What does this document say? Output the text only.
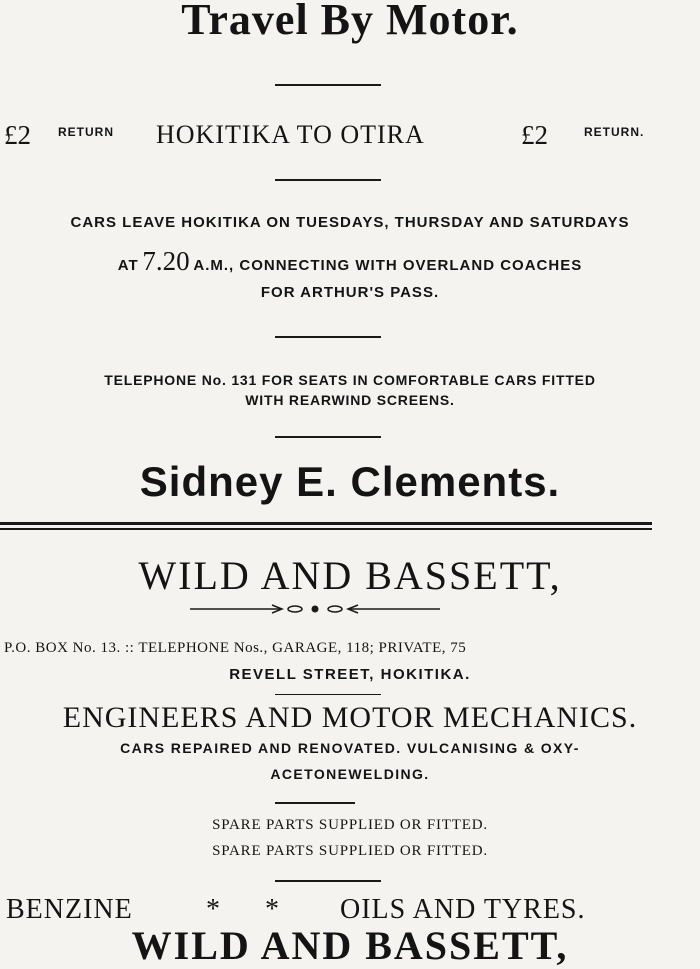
Travel By Motor.
£2 RETURN HOKITIKA TO OTIRA	£2	RETURN.
CARS LEAVE HOKITIKA ON TUESDAYS, THURSDAY AND SATURDAYS
AT 7.20 A.M., CONNECTING WITH OVERLAND COACHES
FOR ARTHUR'S PASS.
TELEPHONE No. 131 FOR SEATS IN COMFORTABLE CARS FITTED
WITH REARWIND SCREENS.
Sidney E. Clements.
WILD AND BASSETT,
P.O. BOX No. 13. :: TELEPHONE Nos., GARAGE, 118; PRIVATE, 75
REVELL STREET, HOKITIKA.
ENGINEERS AND MOTOR MECHANICS.
CARS REPAIRED AND RENOVATED. VULCANISING & OXY-
ACETONEWELDING.
SPARE PARTS SUPPLIED OR FITTED.
SPARE PARTS SUPPLIED OR FITTED.
BENZINE	* * OILS AND TYRES.
WILD AND BASSETT,
